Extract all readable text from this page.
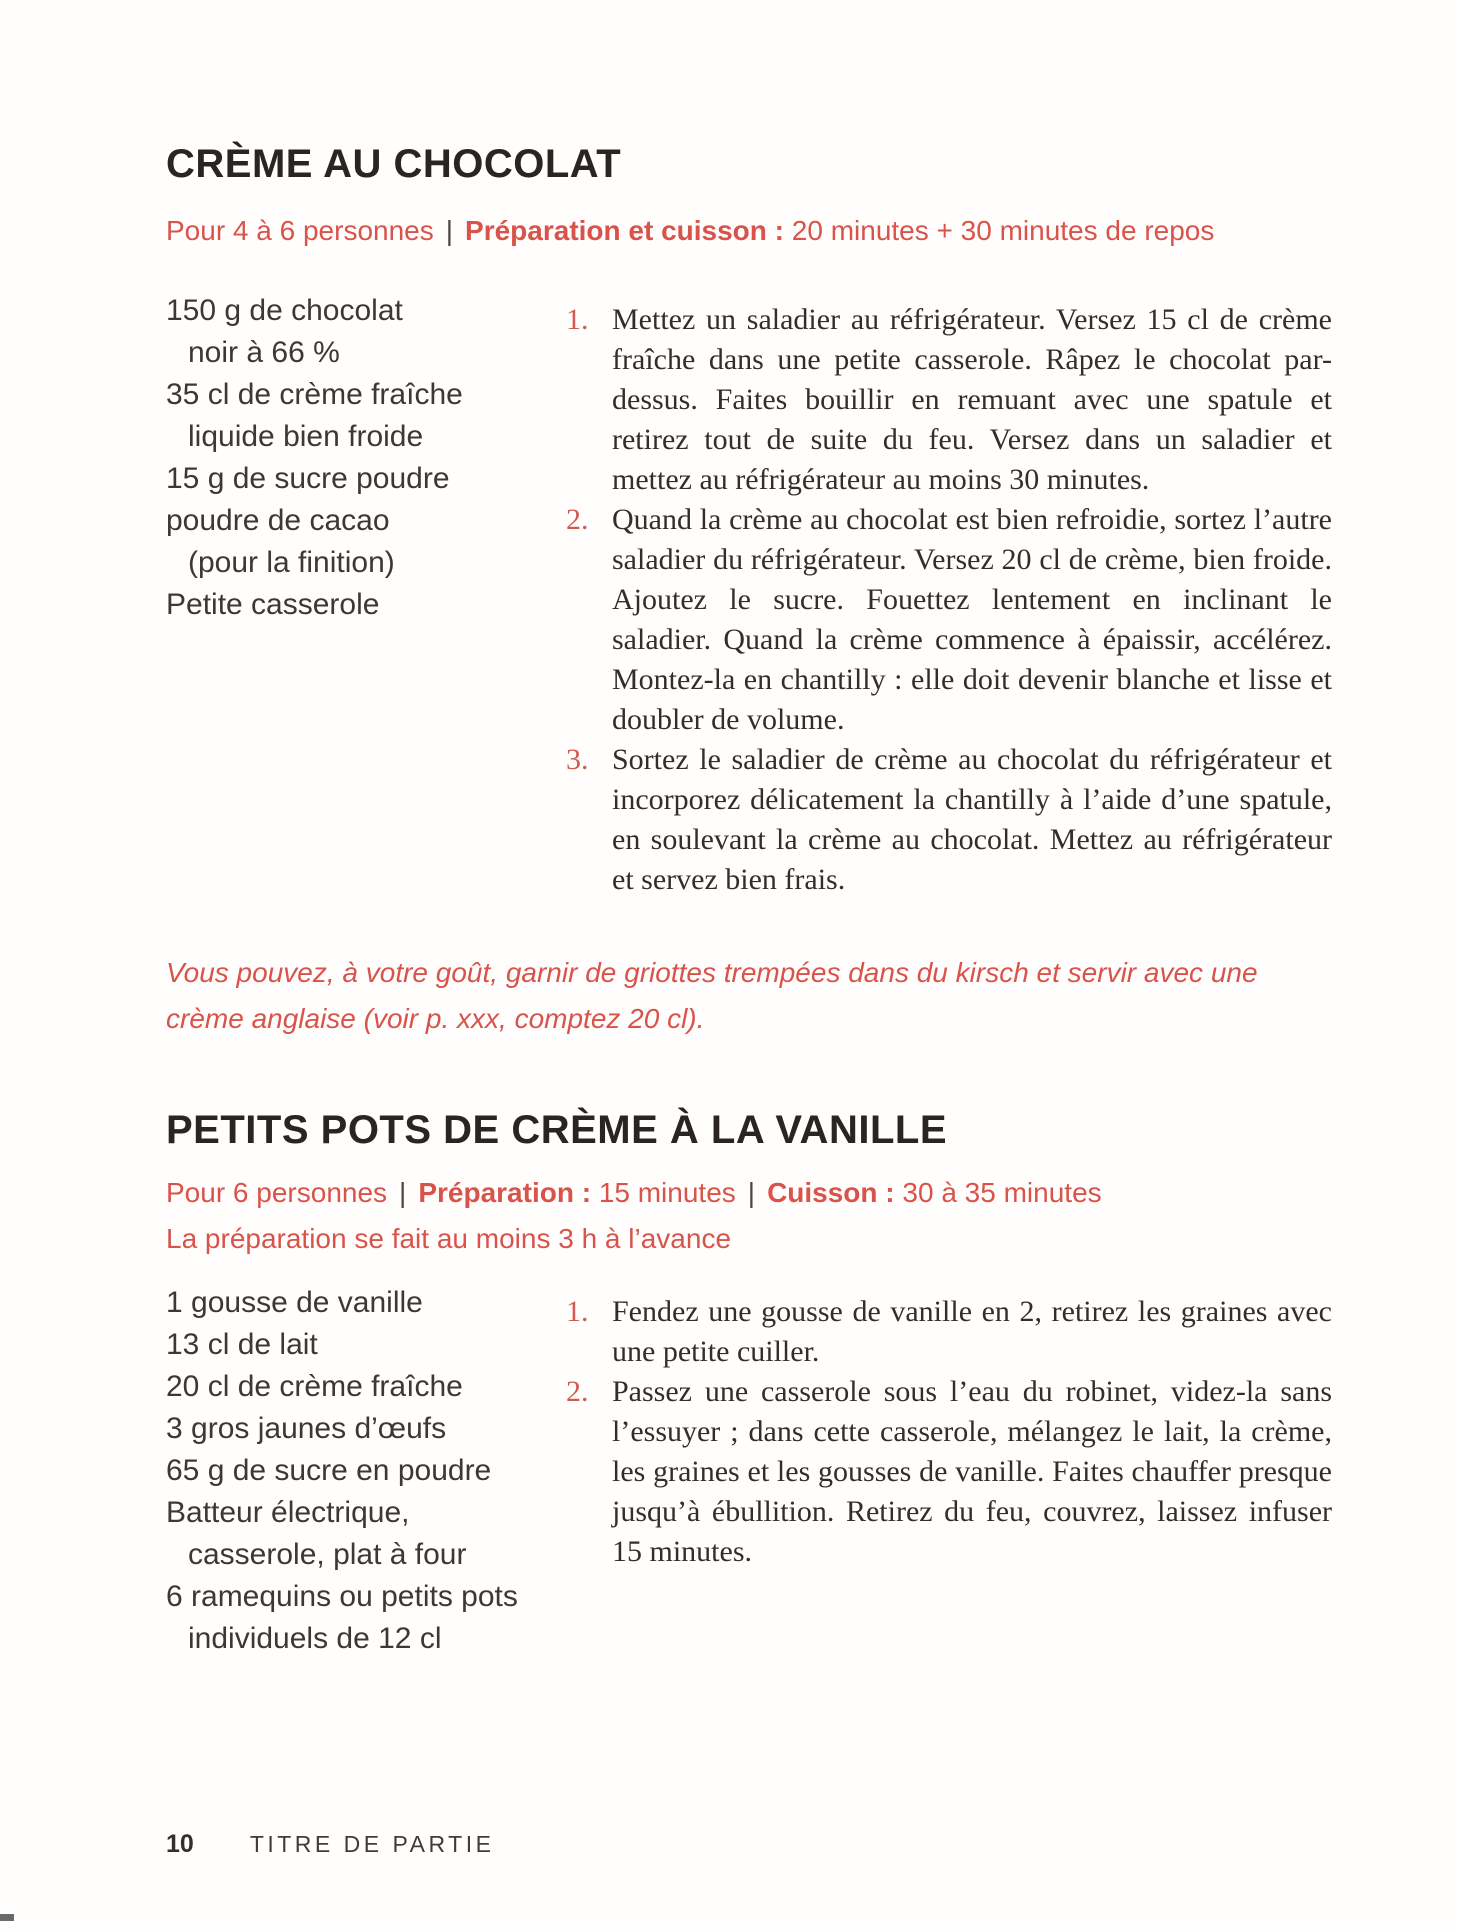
CRÈME AU CHOCOLAT

Pour 4 à 6 personnes | Préparation et cuisson : 20 minutes + 30 minutes de repos

150 g de chocolat
noir à 66 %
35 cl de crème fraîche
liquide bien froide
15 g de sucre poudre
poudre de cacao
(pour la finition)
Petite casserole
1. Mettez un saladier au réfrigérateur. Versez 15 cl de crème fraîche dans une petite casserole. Râpez le chocolat par-dessus. Faites bouillir en remuant avec une spatule et retirez tout de suite du feu. Versez dans un saladier et mettez au réfrigérateur au moins 30 minutes.

2. Quand la crème au chocolat est bien refroidie, sortez l’autre saladier du réfrigérateur. Versez 20 cl de crème, bien froide. Ajoutez le sucre. Fouettez lentement en inclinant le saladier. Quand la crème commence à épaissir, accélérez. Montez-la en chantilly : elle doit devenir blanche et lisse et doubler de volume.

3. Sortez le saladier de crème au chocolat du réfrigérateur et incorporez délicatement la chantilly à l’aide d’une spatule, en soulevant la crème au chocolat. Mettez au réfrigérateur et servez bien frais.

Vous pouvez, à votre goût, garnir de griottes trempées dans du kirsch et servir avec une crème anglaise (voir p. xxx, comptez 20 cl).

PETITS POTS DE CRÈME À LA VANILLE

Pour 6 personnes | Préparation : 15 minutes | Cuisson : 30 à 35 minutes

La préparation se fait au moins 3 h à l’avance

1 gousse de vanille
13 cl de lait
20 cl de crème fraîche
3 gros jaunes d’œufs
65 g de sucre en poudre
Batteur électrique,
casserole, plat à four
6 ramequins ou petits pots
individuels de 12 cl
1. Fendez une gousse de vanille en 2, retirez les graines avec une petite cuiller.

2. Passez une casserole sous l’eau du robinet, videz-la sans l’essuyer ; dans cette casserole, mélangez le lait, la crème, les graines et les gousses de vanille. Faites chauffer presque jusqu’à ébullition. Retirez du feu, couvrez, laissez infuser 15 minutes.

10 TITRE DE PARTIE
